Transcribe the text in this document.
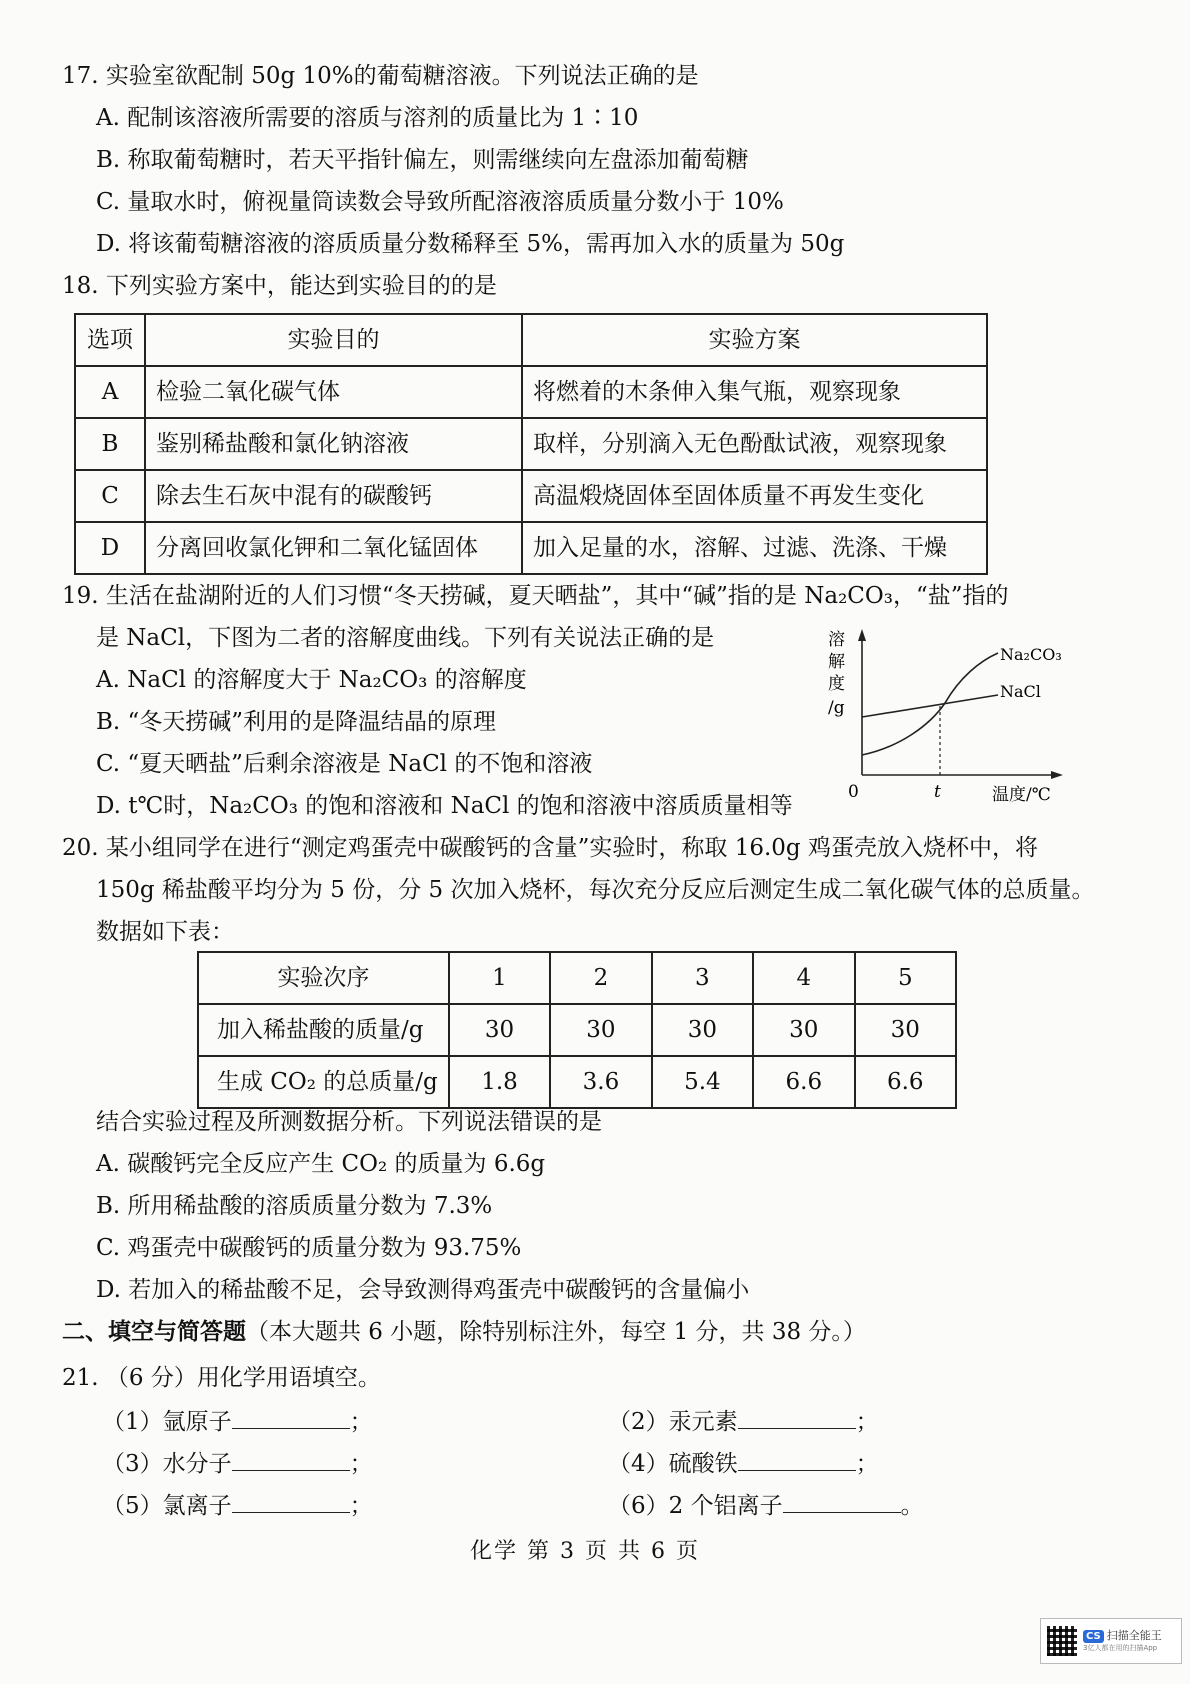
17. 实验室欲配制 50g 10%的葡萄糖溶液。下列说法正确的是
A. 配制该溶液所需要的溶质与溶剂的质量比为 1∶10
B. 称取葡萄糖时，若天平指针偏左，则需继续向左盘添加葡萄糖
C. 量取水时，俯视量筒读数会导致所配溶液溶质质量分数小于 10%
D. 将该葡萄糖溶液的溶质质量分数稀释至 5%，需再加入水的质量为 50g
18. 下列实验方案中，能达到实验目的的是
选项	实验目的	实验方案
A	检验二氧化碳气体	将燃着的木条伸入集气瓶，观察现象
B	鉴别稀盐酸和氯化钠溶液	取样，分别滴入无色酚酞试液，观察现象
C	除去生石灰中混有的碳酸钙	高温煅烧固体至固体质量不再发生变化
D	分离回收氯化钾和二氧化锰固体	加入足量的水，溶解、过滤、洗涤、干燥
19. 生活在盐湖附近的人们习惯“冬天捞碱，夏天晒盐”，其中“碱”指的是 Na₂CO₃，“盐”指的
是 NaCl，下图为二者的溶解度曲线。下列有关说法正确的是
A. NaCl 的溶解度大于 Na₂CO₃ 的溶解度
B. “冬天捞碱”利用的是降温结晶的原理
C. “夏天晒盐”后剩余溶液是 NaCl 的不饱和溶液
D. t℃时，Na₂CO₃ 的饱和溶液和 NaCl 的饱和溶液中溶质质量相等
溶
解
度
/g
0	t	温度/℃
Na₂CO₃
NaCl
20. 某小组同学在进行“测定鸡蛋壳中碳酸钙的含量”实验时，称取 16.0g 鸡蛋壳放入烧杯中，将
150g 稀盐酸平均分为 5 份，分 5 次加入烧杯，每次充分反应后测定生成二氧化碳气体的总质量。
数据如下表：
实验次序	1	2	3	4	5
加入稀盐酸的质量/g	30	30	30	30	30
生成 CO₂ 的总质量/g	1.8	3.6	5.4	6.6	6.6
结合实验过程及所测数据分析。下列说法错误的是
A. 碳酸钙完全反应产生 CO₂ 的质量为 6.6g
B. 所用稀盐酸的溶质质量分数为 7.3%
C. 鸡蛋壳中碳酸钙的质量分数为 93.75%
D. 若加入的稀盐酸不足，会导致测得鸡蛋壳中碳酸钙的含量偏小
二、填空与简答题（本大题共 6 小题，除特别标注外，每空 1 分，共 38 分。）
21. （6 分）用化学用语填空。
（1）氩原子	；	（2）汞元素	；
（3）水分子	；	（4）硫酸铁	；
（5）氯离子	；	（6）2 个铝离子	。
化学 第 3 页 共 6 页
CS 扫描全能王
3亿人都在用的扫描App
